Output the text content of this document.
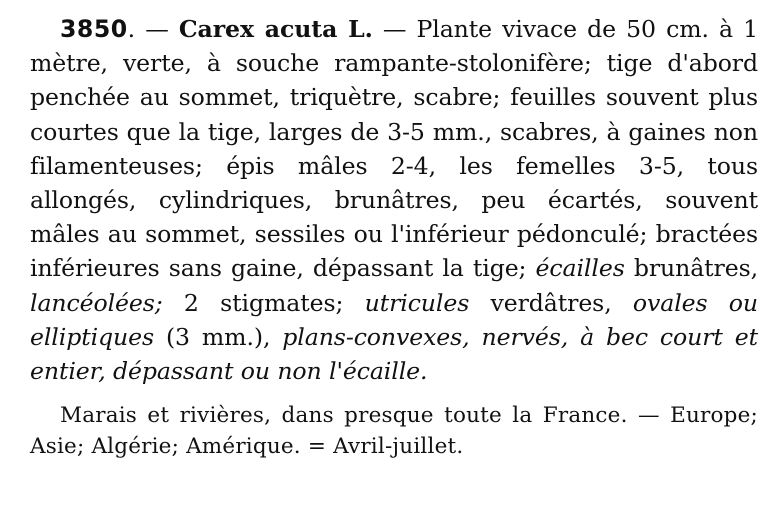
3850. — Carex acuta L. — Plante vivace de 50 cm. à 1 mètre, verte, à souche rampante-stolonifère; tige d'abord penchée au sommet, triquètre, scabre; feuilles souvent plus courtes que la tige, larges de 3-5 mm., scabres, à gaines non filamenteuses; épis mâles 2-4, les femelles 3-5, tous allongés, cylindriques, brunâtres, peu écartés, souvent mâles au sommet, sessiles ou l'inférieur pédonculé; bractées inférieures sans gaine, dépassant la tige; écailles brunâtres, lancéolées; 2 stigmates; utricules verdâtres, ovales ou elliptiques (3 mm.), plans-convexes, nervés, à bec court et entier, dépassant ou non l'écaille.

Marais et rivières, dans presque toute la France. — Europe; Asie; Algérie; Amérique. = Avril-juillet.
